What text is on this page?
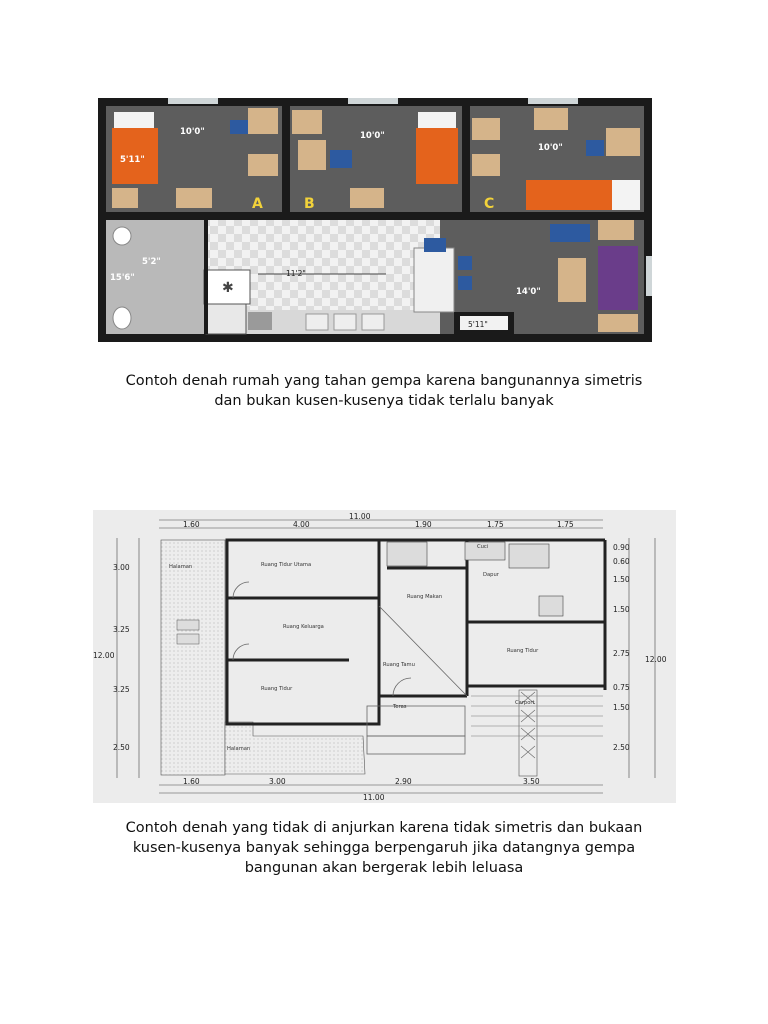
5'11"
10'0"
A
10'0"
B
10'0"
C
15'6"
5'2"
✱
11'2"
14'0"
5'11"
Contoh denah rumah yang tahan gempa karena bangunannya simetris
dan bukan kusen-kusenya tidak terlalu banyak
11.00
1.60	4.00	1.90	1.75	1.75
1.60	3.00	2.90	3.50
11.00
3.00
3.25
3.25
2.50
12.00
0.90
0.60
1.50
1.50
2.75
0.75
1.50
2.50
12.00
Halaman
Halaman
Ruang Tidur Utama
Ruang Keluarga
Ruang Tidur
Ruang Makan
Ruang Tamu
Dapur
Cuci
Ruang Tidur
Teras
Carport
Contoh denah yang tidak di anjurkan karena tidak simetris dan bukaan
kusen-kusenya banyak sehingga berpengaruh jika datangnya gempa
bangunan akan bergerak lebih leluasa
